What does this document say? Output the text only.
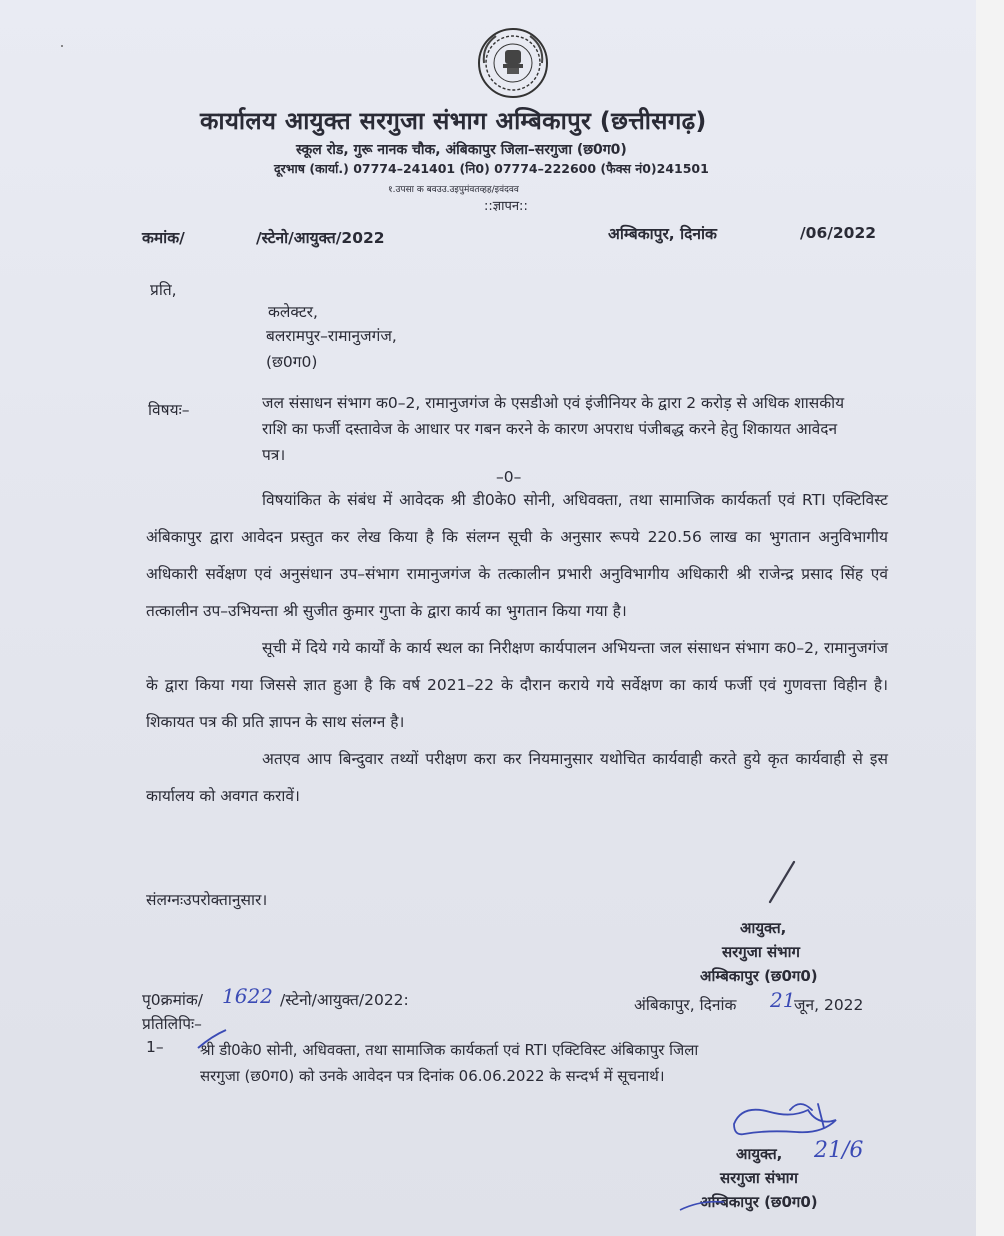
कार्यालय आयुक्त सरगुजा संभाग अम्बिकापुर (छत्तीसगढ़)
स्कूल रोड, गुरू नानक चौक, अंबिकापुर जिला–सरगुजा (छ0ग0)
दूरभाष (कार्या.) 07774–241401 (नि0) 07774–222600 (फैक्स नं0)241501
१.उपसा क बवउउ.उइपुमंवतव्हह/इवंदवव
::ज्ञापन::
कमांक/	/स्टेनो/आयुक्त/2022	अम्बिकापुर, दिनांक	/06/2022
प्रति,
कलेक्टर,
बलरामपुर–रामानुजगंज,
(छ0ग0)
विषयः–	जल संसाधन संभाग क0–2, रामानुजगंज के एसडीओ एवं इंजीनियर के द्वारा 2 करोड़ से अधिक शासकीय राशि का फर्जी दस्तावेज के आधार पर गबन करने के कारण अपराध पंजीबद्ध करने हेतु शिकायत आवेदन पत्र।
–0–

विषयांकित के संबंध में आवेदक श्री डी0के0 सोनी, अधिवक्ता, तथा सामाजिक कार्यकर्ता एवं RTI एक्टिविस्ट अंबिकापुर द्वारा आवेदन प्रस्तुत कर लेख किया है कि संलग्न सूची के अनुसार रूपये 220.56 लाख का भुगतान अनुविभागीय अधिकारी सर्वेक्षण एवं अनुसंधान उप–संभाग रामानुजगंज के तत्कालीन प्रभारी अनुविभागीय अधिकारी श्री राजेन्द्र प्रसाद सिंह एवं तत्कालीन उप–उभियन्ता श्री सुजीत कुमार गुप्ता के द्वारा कार्य का भुगतान किया गया है।

सूची में दिये गये कार्यों के कार्य स्थल का निरीक्षण कार्यपालन अभियन्ता जल संसाधन संभाग क0–2, रामानुजगंज के द्वारा किया गया जिससे ज्ञात हुआ है कि वर्ष 2021–22 के दौरान कराये गये सर्वेक्षण का कार्य फर्जी एवं गुणवत्ता विहीन है। शिकायत पत्र की प्रति ज्ञापन के साथ संलग्न है।

अतएव आप बिन्दुवार तथ्यों परीक्षण करा कर नियमानुसार यथोचित कार्यवाही करते हुये कृत कार्यवाही से इस कार्यालय को अवगत करावें।

संलग्नःउपरोक्तानुसार।
आयुक्त,
सरगुजा संभाग
अम्बिकापुर (छ0ग0)
पृ0क्रमांक/ 1622 /स्टेनो/आयुक्त/2022:	अंबिकापुर, दिनांक 21
जून, 2022
प्रतिलिपिः–
1– श्री डी0के0 सोनी, अधिवक्ता, तथा सामाजिक कार्यकर्ता एवं RTI एक्टिविस्ट अंबिकापुर जिला
सरगुजा (छ0ग0) को उनके आवेदन पत्र दिनांक 06.06.2022 के सन्दर्भ में सूचनार्थ।
आयुक्त, 21/6
सरगुजा संभाग
अम्बिकापुर (छ0ग0)
